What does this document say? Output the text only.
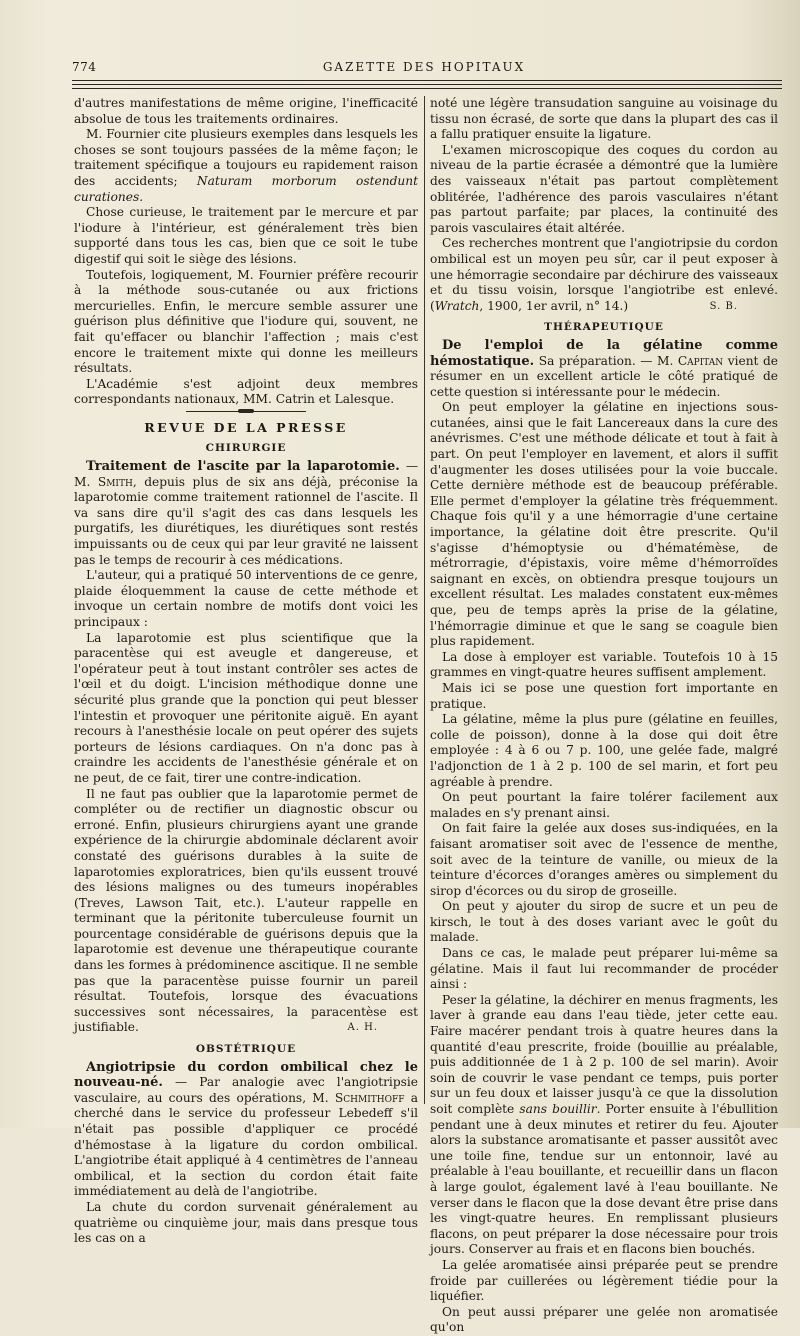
774	GAZETTE DES HOPITAUX

d'autres manifestations de même origine, l'inefficacité absolue de tous les traitements ordinaires.

M. Fournier cite plusieurs exemples dans lesquels les choses se sont toujours passées de la même façon; le traitement spécifique a toujours eu rapidement raison des accidents; Naturam morborum ostendunt curationes.

Chose curieuse, le traitement par le mercure et par l'iodure à l'intérieur, est généralement très bien supporté dans tous les cas, bien que ce soit le tube digestif qui soit le siège des lésions.

Toutefois, logiquement, M. Fournier préfère recourir à la méthode sous-cutanée ou aux frictions mercurielles. Enfin, le mercure semble assurer une guérison plus définitive que l'iodure qui, souvent, ne fait qu'effacer ou blanchir l'affection ; mais c'est encore le traitement mixte qui donne les meilleurs résultats.

L'Académie s'est adjoint deux membres correspondants nationaux, MM. Catrin et Lalesque.

REVUE DE LA PRESSE
CHIRURGIE

Traitement de l'ascite par la laparotomie. — M. Smith, depuis plus de six ans déjà, préconise la laparotomie comme traitement rationnel de l'ascite. Il va sans dire qu'il s'agit des cas dans lesquels les purgatifs, les diurétiques, les diurétiques sont restés impuissants ou de ceux qui par leur gravité ne laissent pas le temps de recourir à ces médications.

L'auteur, qui a pratiqué 50 interventions de ce genre, plaide éloquemment la cause de cette méthode et invoque un certain nombre de motifs dont voici les principaux :

La laparotomie est plus scientifique que la paracentèse qui est aveugle et dangereuse, et l'opérateur peut à tout instant contrôler ses actes de l'œil et du doigt. L'incision méthodique donne une sécurité plus grande que la ponction qui peut blesser l'intestin et provoquer une péritonite aiguë. En ayant recours à l'anesthésie locale on peut opérer des sujets porteurs de lésions cardiaques. On n'a donc pas à craindre les accidents de l'anesthésie générale et on ne peut, de ce fait, tirer une contre-indication.

Il ne faut pas oublier que la laparotomie permet de compléter ou de rectifier un diagnostic obscur ou erroné. Enfin, plusieurs chirurgiens ayant une grande expérience de la chirurgie abdominale déclarent avoir constaté des guérisons durables à la suite de laparotomies exploratrices, bien qu'ils eussent trouvé des lésions malignes ou des tumeurs inopérables (Treves, Lawson Tait, etc.). L'auteur rappelle en terminant que la péritonite tuberculeuse fournit un pourcentage considérable de guérisons depuis que la laparotomie est devenue une thérapeutique courante dans les formes à prédominence ascitique. Il ne semble pas que la paracentèse puisse fournir un pareil résultat. Toutefois, lorsque des évacuations successives sont nécessaires, la paracentèse est justifiable.	A. H.

OBSTÉTRIQUE

Angiotripsie du cordon ombilical chez le nouveau-né. — Par analogie avec l'angiotripsie vasculaire, au cours des opérations, M. Schmithoff a cherché dans le service du professeur Lebedeff s'il n'était pas possible d'appliquer ce procédé d'hémostase à la ligature du cordon ombilical. L'angiotribe était appliqué à 4 centimètres de l'anneau ombilical, et la section du cordon était faite immédiatement au delà de l'angiotribe.

La chute du cordon survenait généralement au quatrième ou cinquième jour, mais dans presque tous les cas on a

noté une légère transudation sanguine au voisinage du tissu non écrasé, de sorte que dans la plupart des cas il a fallu pratiquer ensuite la ligature.

L'examen microscopique des coques du cordon au niveau de la partie écrasée a démontré que la lumière des vaisseaux n'était pas partout complètement oblitérée, l'adhérence des parois vasculaires n'étant pas partout parfaite; par places, la continuité des parois vasculaires était altérée.

Ces recherches montrent que l'angiotripsie du cordon ombilical est un moyen peu sûr, car il peut exposer à une hémorragie secondaire par déchirure des vaisseaux et du tissu voisin, lorsque l'angiotribe est enlevé. (Wratch, 1900, 1er avril, n° 14.)	S. B.

THÉRAPEUTIQUE

De l'emploi de la gélatine comme hémostatique. Sa préparation. — M. Capitan vient de résumer en un excellent article le côté pratiqué de cette question si intéressante pour le médecin.

On peut employer la gélatine en injections sous-cutanées, ainsi que le fait Lancereaux dans la cure des anévrismes. C'est une méthode délicate et tout à fait à part. On peut l'employer en lavement, et alors il suffit d'augmenter les doses utilisées pour la voie buccale. Cette dernière méthode est de beaucoup préférable. Elle permet d'employer la gélatine très fréquemment. Chaque fois qu'il y a une hémorragie d'une certaine importance, la gélatine doit être prescrite. Qu'il s'agisse d'hémoptysie ou d'hématémèse, de métrorragie, d'épistaxis, voire même d'hémorroïdes saignant en excès, on obtiendra presque toujours un excellent résultat. Les malades constatent eux-mêmes que, peu de temps après la prise de la gélatine, l'hémorragie diminue et que le sang se coagule bien plus rapidement.

La dose à employer est variable. Toutefois 10 à 15 grammes en vingt-quatre heures suffisent amplement.

Mais ici se pose une question fort importante en pratique.

La gélatine, même la plus pure (gélatine en feuilles, colle de poisson), donne à la dose qui doit être employée : 4 à 6 ou 7 p. 100, une gelée fade, malgré l'adjonction de 1 à 2 p. 100 de sel marin, et fort peu agréable à prendre.

On peut pourtant la faire tolérer facilement aux malades en s'y prenant ainsi.

On fait faire la gelée aux doses sus-indiquées, en la faisant aromatiser soit avec de l'essence de menthe, soit avec de la teinture de vanille, ou mieux de la teinture d'écorces d'oranges amères ou simplement du sirop d'écorces ou du sirop de groseille.

On peut y ajouter du sirop de sucre et un peu de kirsch, le tout à des doses variant avec le goût du malade.

Dans ce cas, le malade peut préparer lui-même sa gélatine. Mais il faut lui recommander de procéder ainsi :

Peser la gélatine, la déchirer en menus fragments, les laver à grande eau dans l'eau tiède, jeter cette eau. Faire macérer pendant trois à quatre heures dans la quantité d'eau prescrite, froide (bouillie au préalable, puis additionnée de 1 à 2 p. 100 de sel marin). Avoir soin de couvrir le vase pendant ce temps, puis porter sur un feu doux et laisser jusqu'à ce que la dissolution soit complète sans bouillir. Porter ensuite à l'ébullition pendant une à deux minutes et retirer du feu. Ajouter alors la substance aromatisante et passer aussitôt avec une toile fine, tendue sur un entonnoir, lavé au préalable à l'eau bouillante, et recueillir dans un flacon à large goulot, également lavé à l'eau bouillante. Ne verser dans le flacon que la dose devant être prise dans les vingt-quatre heures. En remplissant plusieurs flacons, on peut préparer la dose nécessaire pour trois jours. Conserver au frais et en flacons bien bouchés.

La gelée aromatisée ainsi préparée peut se prendre froide par cuillerées ou légèrement tiédie pour la liquéfier.

On peut aussi préparer une gelée non aromatisée qu'on
